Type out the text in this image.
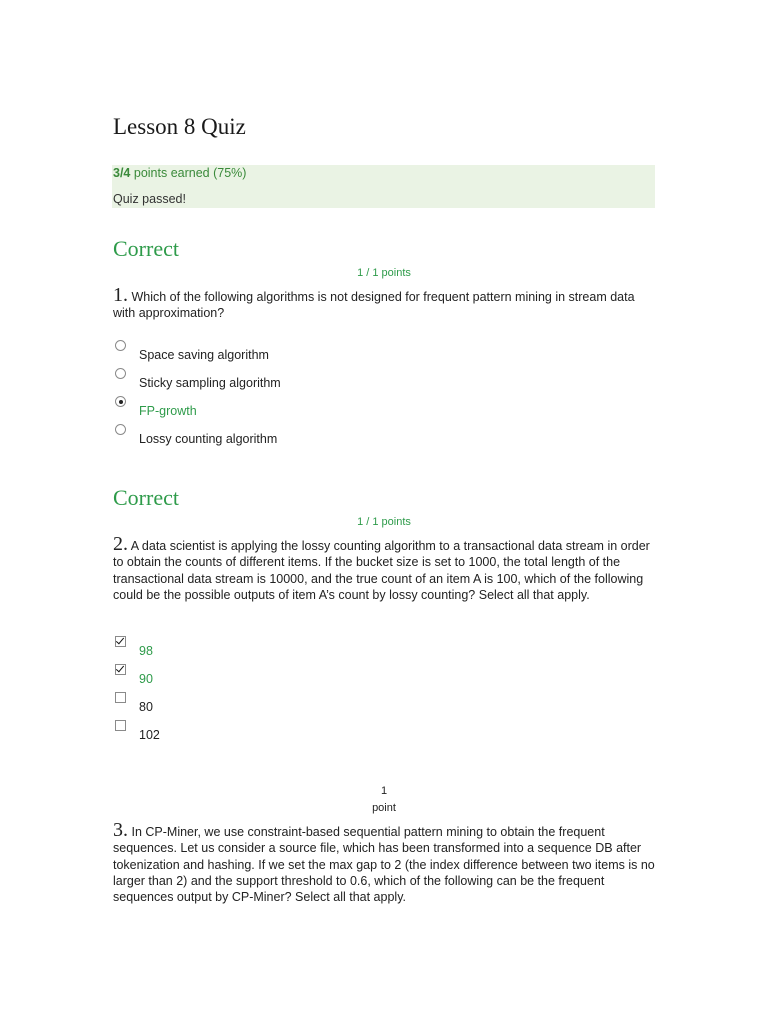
Lesson 8 Quiz
3/4 points earned (75%)
Quiz passed!
Correct
1 / 1 points
1. Which of the following algorithms is not designed for frequent pattern mining in stream data with approximation?
Space saving algorithm
Sticky sampling algorithm
FP-growth
Lossy counting algorithm
Correct
1 / 1 points
2. A data scientist is applying the lossy counting algorithm to a transactional data stream in order to obtain the counts of different items. If the bucket size is set to 1000, the total length of the transactional data stream is 10000, and the true count of an item A is 100, which of the following could be the possible outputs of item A’s count by lossy counting? Select all that apply.
98
90
80
102
1
point
3. In CP-Miner, we use constraint-based sequential pattern mining to obtain the frequent sequences. Let us consider a source file, which has been transformed into a sequence DB after tokenization and hashing. If we set the max gap to 2 (the index difference between two items is no larger than 2) and the support threshold to 0.6, which of the following can be the frequent sequences output by CP-Miner? Select all that apply.
